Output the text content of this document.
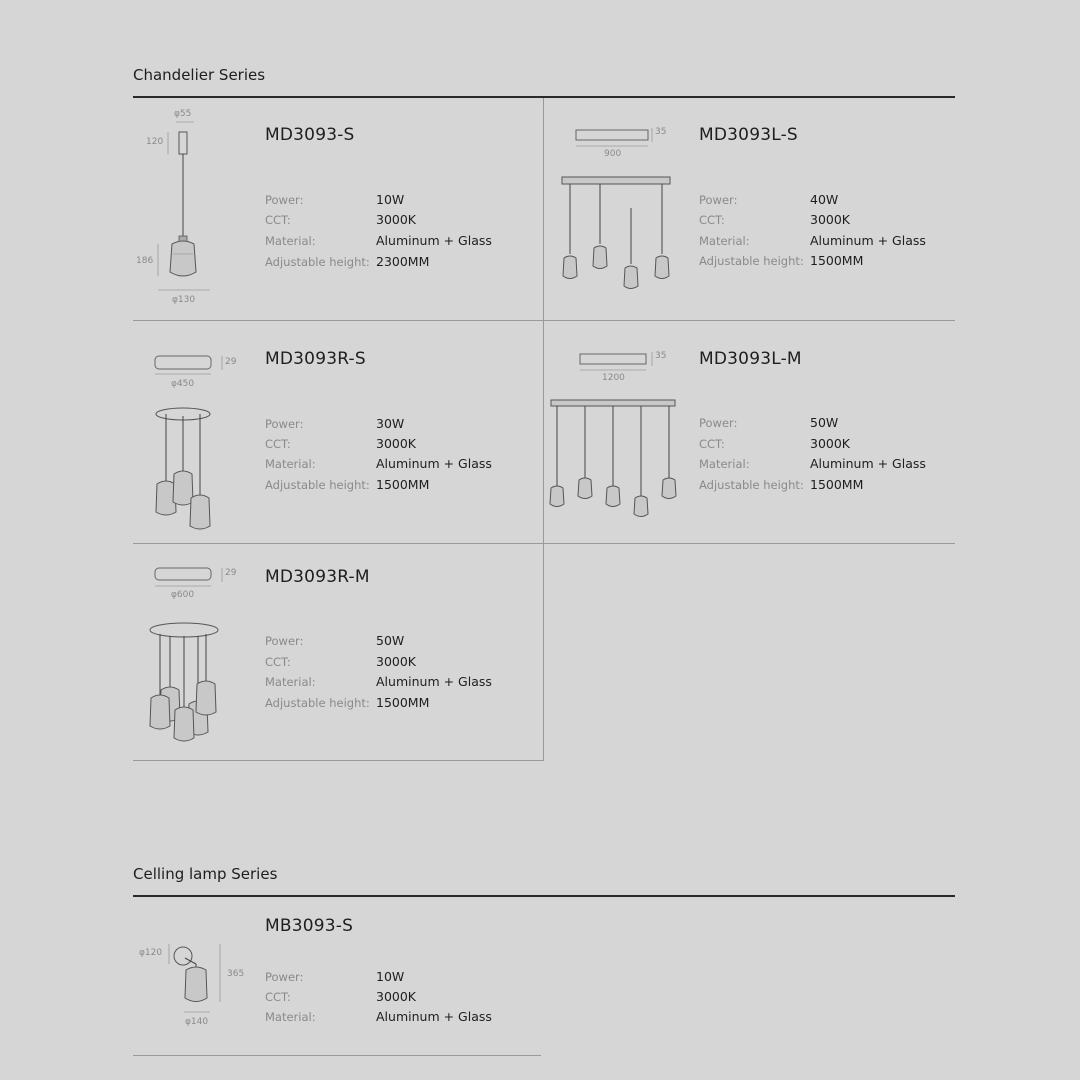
Chandelier Series
φ55
120
186
φ130
MD3093-S
Power:	10W
CCT:	3000K
Material:	Aluminum + Glass
Adjustable height: 2300MM
35
900
MD3093L-S
Power:	40W
CCT:	3000K
Material:	Aluminum + Glass
Adjustable height: 1500MM
29
φ450
MD3093R-S
Power:	30W
CCT:	3000K
Material:	Aluminum + Glass
Adjustable height: 1500MM
35
1200
MD3093L-M
Power:	50W
CCT:	3000K
Material:	Aluminum + Glass
Adjustable height: 1500MM
29
φ600
MD3093R-M
Power:	50W
CCT:	3000K
Material:	Aluminum + Glass
Adjustable height: 1500MM
Celling lamp Series
φ120
365
φ140
MB3093-S
Power:	10W
CCT:	3000K
Material:	Aluminum + Glass
